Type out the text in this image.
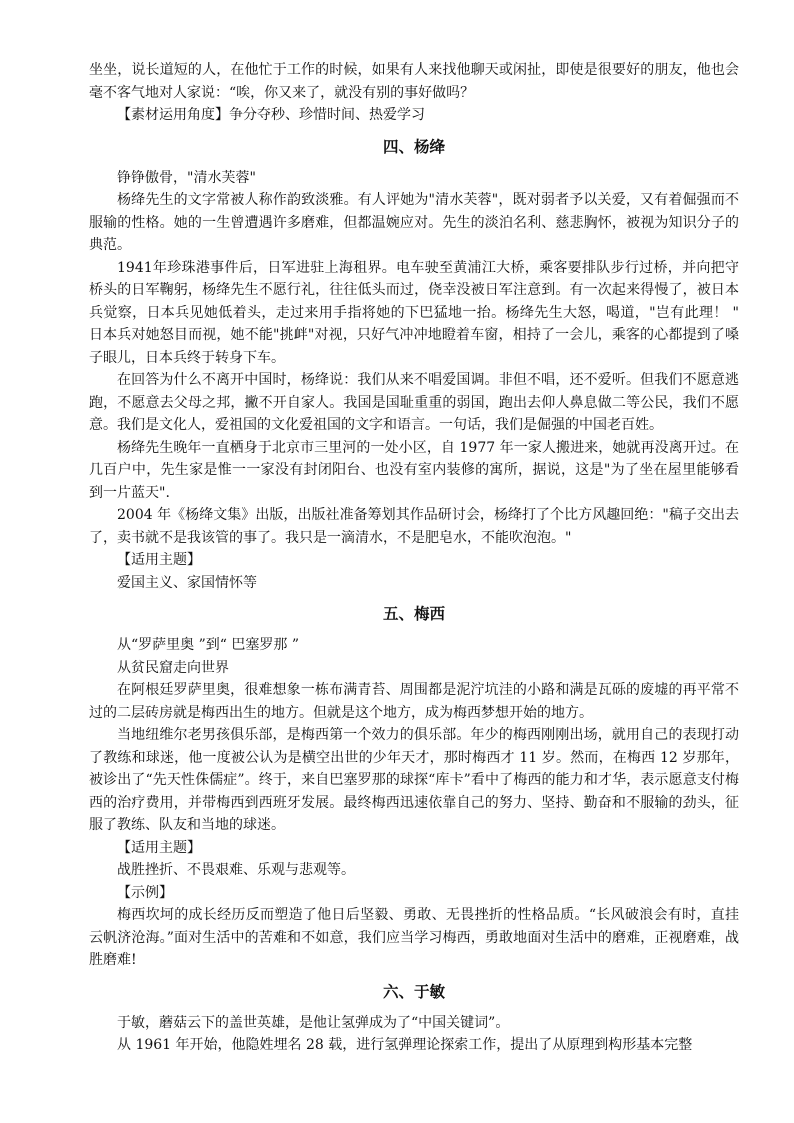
坐坐，说长道短的人，在他忙于工作的时候，如果有人来找他聊天或闲扯，即使是很要好的朋友，他也会毫不客气地对人家说：“唉，你又来了，就没有别的事好做吗？

【素材运用角度】争分夺秒、珍惜时间、热爱学习

四、杨绛

铮铮傲骨，"清水芙蓉"

杨绛先生的文字常被人称作韵致淡雅。有人评她为"清水芙蓉"，既对弱者予以关爱，又有着倔强而不服输的性格。她的一生曾遭遇许多磨难，但都温婉应对。先生的淡泊名利、慈悲胸怀，被视为知识分子的典范。

1941年珍珠港事件后，日军进驻上海租界。电车驶至黄浦江大桥，乘客要排队步行过桥，并向把守桥头的日军鞠躬，杨绛先生不愿行礼，往往低头而过，侥幸没被日军注意到。有一次起来得慢了，被日本兵觉察，日本兵见她低着头，走过来用手指将她的下巴猛地一抬。杨绛先生大怒，喝道，"岂有此理！ " 日本兵对她怒目而视，她不能"挑衅"对视，只好气冲冲地瞪着车窗，相持了一会儿，乘客的心都提到了嗓子眼儿，日本兵终于转身下车。

在回答为什么不离开中国时，杨绛说：我们从来不唱爱国调。非但不唱，还不爱听。但我们不愿意逃跑，不愿意去父母之邦，撇不开自家人。我国是国耻重重的弱国，跑出去仰人鼻息做二等公民，我们不愿意。我们是文化人，爱祖国的文化爱祖国的文字和语言。一句话，我们是倔强的中国老百姓。

杨绛先生晚年一直栖身于北京市三里河的一处小区，自 1977 年一家人搬进来，她就再没离开过。在几百户中，先生家是惟一一家没有封闭阳台、也没有室内装修的寓所，据说，这是"为了坐在屋里能够看到一片蓝天".

2004 年《杨绛文集》出版，出版社准备筹划其作品研讨会，杨绛打了个比方风趣回绝："稿子交出去了，卖书就不是我该管的事了。我只是一滴清水，不是肥皂水，不能吹泡泡。"

【适用主题】

爱国主义、家国情怀等

五、梅西

从“罗萨里奥 ”到“ 巴塞罗那 ”

从贫民窟走向世界

在阿根廷罗萨里奥，很难想象一栋布满青苔、周围都是泥泞坑洼的小路和满是瓦砾的废墟的再平常不过的二层砖房就是梅西出生的地方。但就是这个地方，成为梅西梦想开始的地方。

当地纽维尔老男孩俱乐部，是梅西第一个效力的俱乐部。年少的梅西刚刚出场，就用自己的表现打动了教练和球迷，他一度被公认为是横空出世的少年天才，那时梅西才 11 岁。然而，在梅西 12 岁那年，被诊出了“先天性侏儒症”。终于，来自巴塞罗那的球探“库卡”看中了梅西的能力和才华，表示愿意支付梅西的治疗费用，并带梅西到西班牙发展。最终梅西迅速依靠自己的努力、坚持、勤奋和不服输的劲头，征服了教练、队友和当地的球迷。

【适用主题】

战胜挫折、不畏艰难、乐观与悲观等。

【示例】

梅西坎坷的成长经历反而塑造了他日后坚毅、勇敢、无畏挫折的性格品质。“长风破浪会有时，直挂云帆济沧海。”面对生活中的苦难和不如意，我们应当学习梅西，勇敢地面对生活中的磨难，正视磨难，战胜磨难!

六、于敏

于敏，蘑菇云下的盖世英雄，是他让氢弹成为了“中国关键词”。

从 1961 年开始，他隐姓埋名 28 载，进行氢弹理论探索工作，提出了从原理到构形基本完整
